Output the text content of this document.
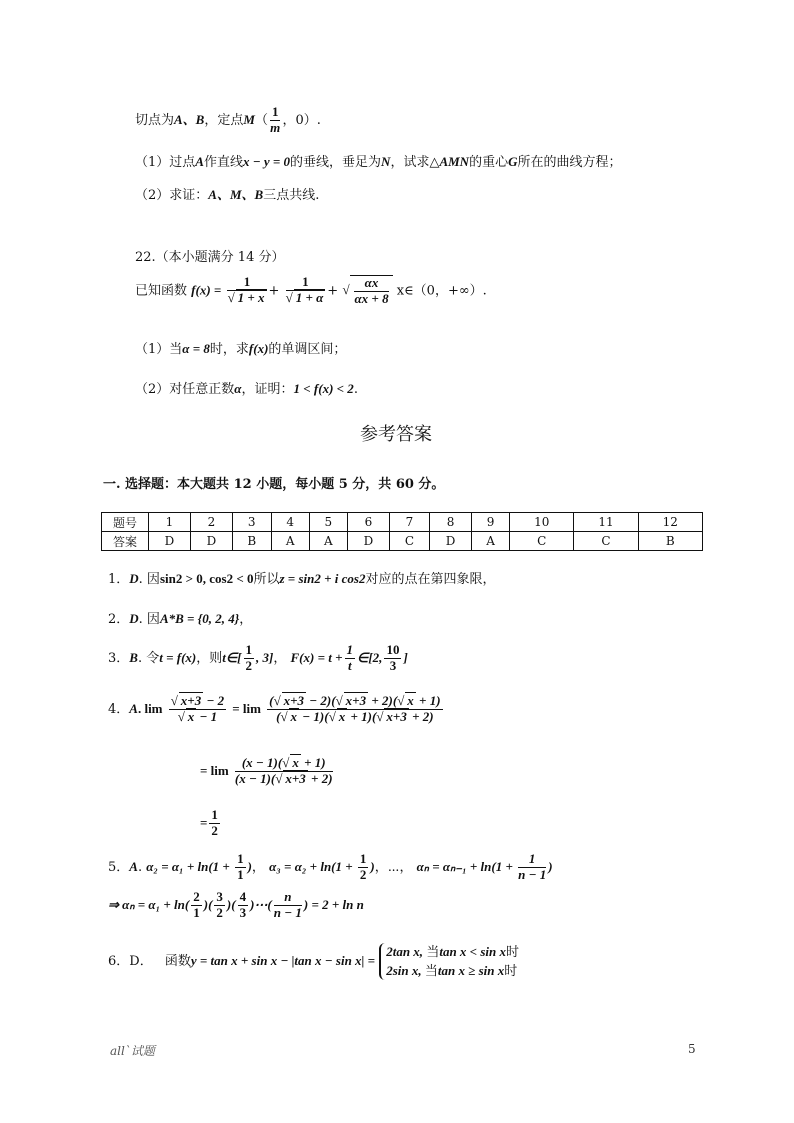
切点为A、B，定点$M( \frac{1}{m}$ ，0）.
（1）过点A作直线x − y = 0的垂线，垂足为N，试求△AMN的重心G所在的曲线方程；
（2）求证：A、M、B三点共线.
22.（本小题满分 14 分）
已知函数 $f(x) = \frac{1}{√ 1 + x} + \frac{1}{√ 1 + \alpha}$ + √ $\frac{\alpha x}{\alpha x + 8}$ x∈（0，+∞）.
（1）当α = 8时，求f(x)的单调区间；
（2）对任意正数α，证明：1 < f(x) < 2.
参考答案
一. 选择题：本大题共 12 小题，每小题 5 分，共 60 分。
题号	1	2	3	4	5	6	7	8	9	10	11	12
答案	D	D	B	A	A	D	C	D	A	C	C	B
1．D. 因sin2 > 0, cos2 < 0所以z = sin2 + i cos2对应的点在第四象限，
2．D. 因A*B = {0, 2, 4}，
3．B. 令t = f(x)，则t∈[ $\frac{1}{2}$ , 3]， $F(x) = t + \frac{1}{t}$ ∈[2, $\frac{10}{3}$ ]
4．A. $\lim \frac{√ x+3 - 2}{√ x - 1} = \lim \frac{(√ x+3 - 2)(√ x+3 + 2)(√ x + 1)}{(√ x - 1)(√ x + 1)(√ x+3 + 2)}$
= $\lim \frac{(x - 1)(√ x + 1)}{(x - 1)(√ x+3 + 2)}$
= $\frac{1}{2}$
5．A. $\alpha_2 = \alpha_1 + \ln(1 + \frac{1}{1}$ )， $\alpha_3 = \alpha_2 + \ln(1 + \frac{1}{2}$ )，⋯， $\alpha_n = \alpha_{n-1} + \ln(1 + \frac{1}{n - 1}$ )
⇒ $\alpha_n = \alpha_1 + \ln( \frac{2}{1}$ )( $\frac{3}{2}$ )( $\frac{4}{3}$ )⋯( $\frac{n}{n - 1}$ ) = 2 + ln n
6．D． 函数y = tan x + sin x − |tan x − sin x| =
2tan x, 当tan x < sin x时
2sin x, 当tan x ≥ sin x时
all`试题	5
